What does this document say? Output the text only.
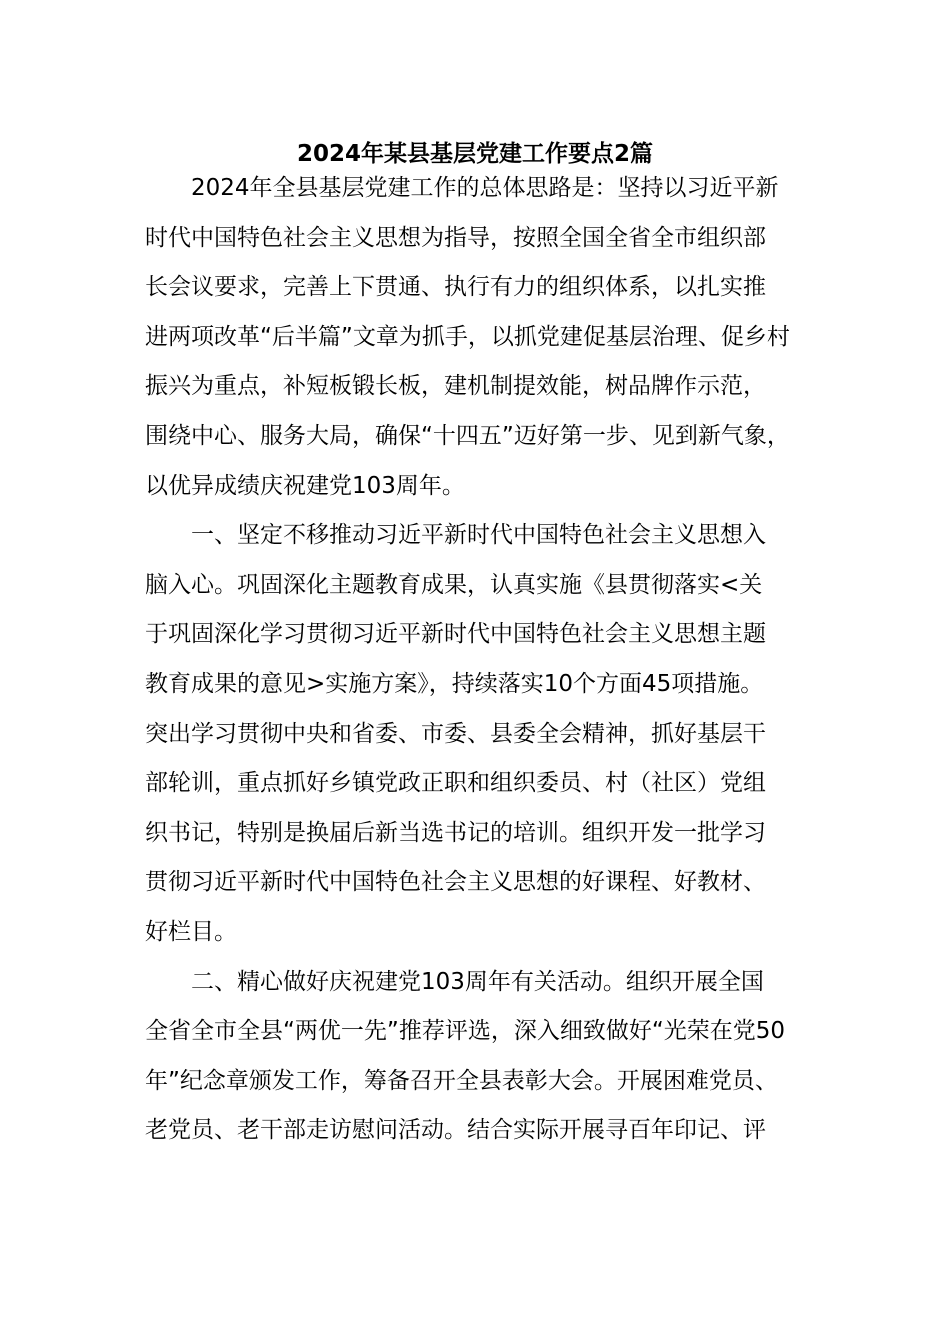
2024年某县基层党建工作要点2篇

2024年全县基层党建工作的总体思路是：坚持以习近平新
时代中国特色社会主义思想为指导，按照全国全省全市组织部
长会议要求，完善上下贯通、执行有力的组织体系，以扎实推
进两项改革“后半篇”文章为抓手，以抓党建促基层治理、促乡村
振兴为重点，补短板锻长板，建机制提效能，树品牌作示范，
围绕中心、服务大局，确保“十四五”迈好第一步、见到新气象，
以优异成绩庆祝建党103周年。

一、坚定不移推动习近平新时代中国特色社会主义思想入
脑入心。巩固深化主题教育成果，认真实施《县贯彻落实<关
于巩固深化学习贯彻习近平新时代中国特色社会主义思想主题
教育成果的意见>实施方案》，持续落实10个方面45项措施。
突出学习贯彻中央和省委、市委、县委全会精神，抓好基层干
部轮训，重点抓好乡镇党政正职和组织委员、村（社区）党组
织书记，特别是换届后新当选书记的培训。组织开发一批学习
贯彻习近平新时代中国特色社会主义思想的好课程、好教材、
好栏目。

二、精心做好庆祝建党103周年有关活动。组织开展全国
全省全市全县“两优一先”推荐评选，深入细致做好“光荣在党50
年”纪念章颁发工作，筹备召开全县表彰大会。开展困难党员、
老党员、老干部走访慰问活动。结合实际开展寻百年印记、评
